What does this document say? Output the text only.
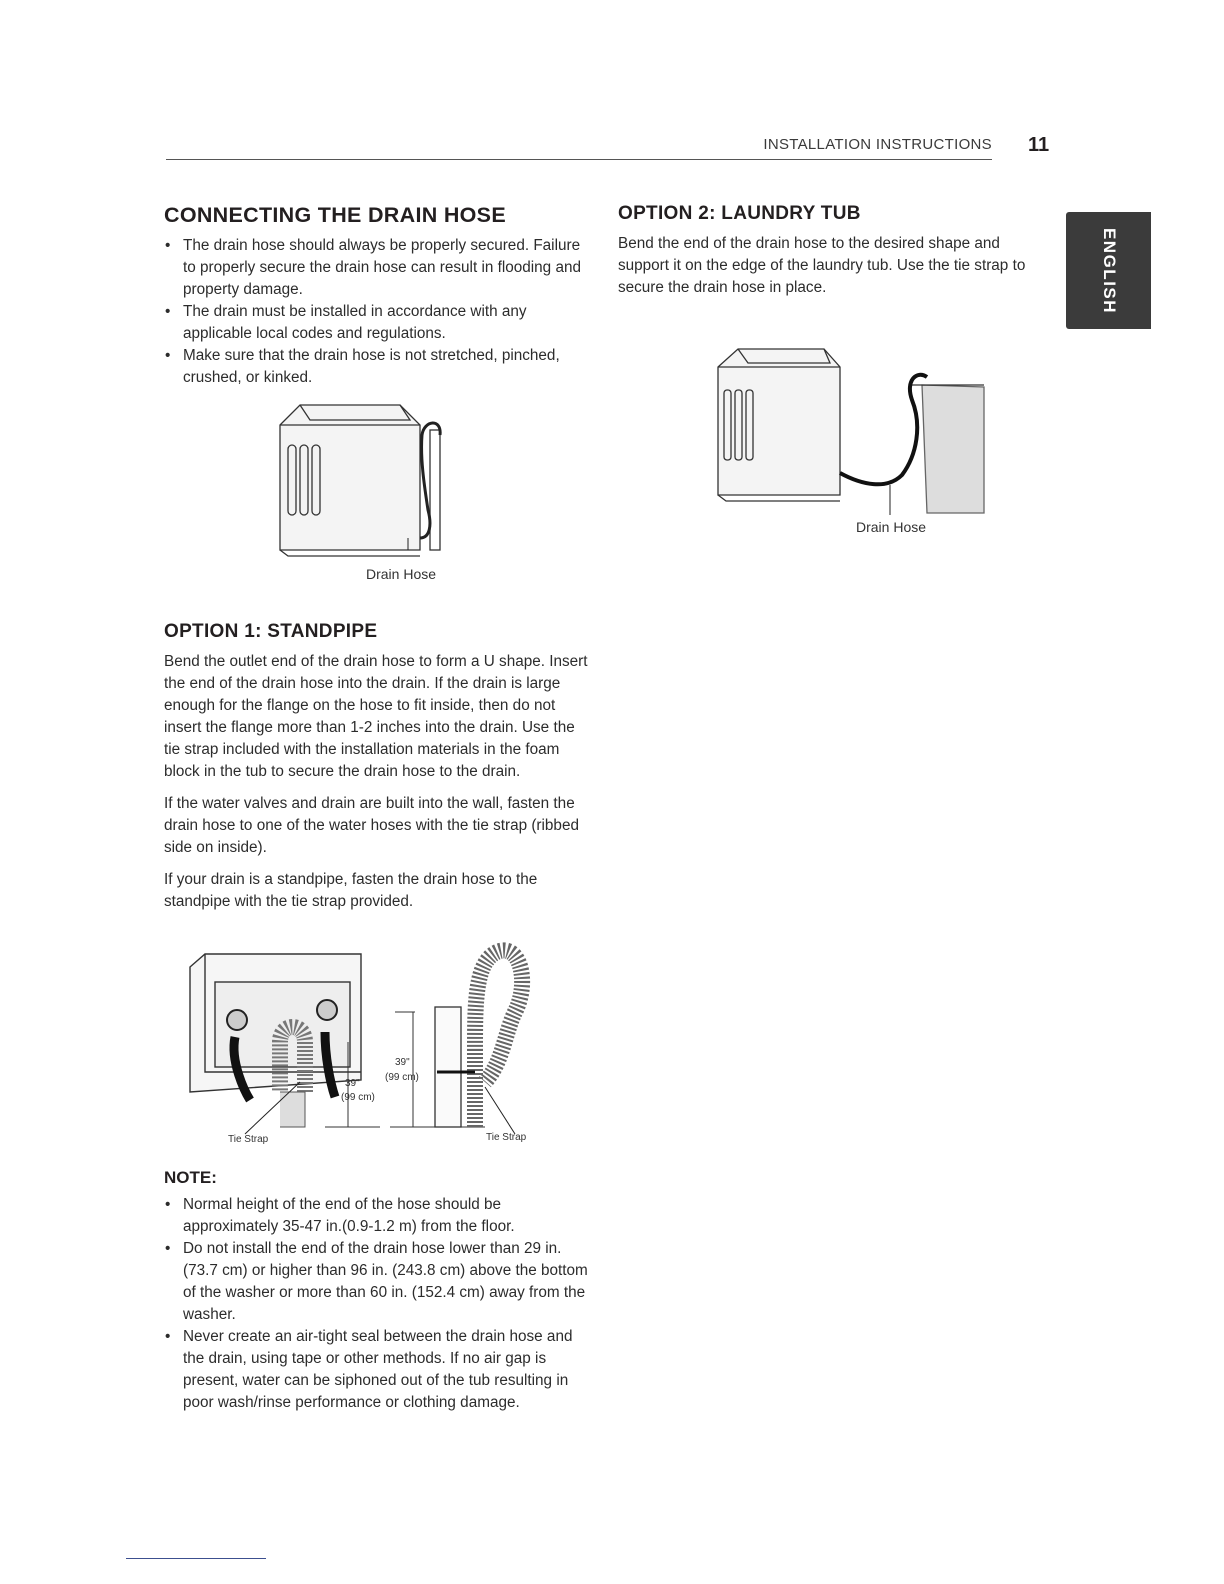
INSTALLATION INSTRUCTIONS 11
ENGLISH
CONNECTING THE DRAIN HOSE
• The drain hose should always be properly secured. Failure to properly secure the drain hose can result in flooding and property damage.
• The drain must be installed in accordance with any applicable local codes and regulations.
• Make sure that the drain hose is not stretched, pinched, crushed, or kinked.
Drain Hose
OPTION 1: STANDPIPE

Bend the outlet end of the drain hose to form a U shape. Insert the end of the drain hose into the drain. If the drain is large enough for the flange on the hose to fit inside, then do not insert the flange more than 1-2 inches into the drain. Use the tie strap included with the installation materials in the foam block in the tub to secure the drain hose to the drain.

If the water valves and drain are built into the wall, fasten the drain hose to one of the water hoses with the tie strap (ribbed side on inside).

If your drain is a standpipe, fasten the drain hose to the standpipe with the tie strap provided.

39"
(99 cm)
39"
(99 cm)
Tie Strap	Tie Strap
NOTE:
• Normal height of the end of the hose should be approximately 35-47 in.(0.9-1.2 m) from the floor.
• Do not install the end of the drain hose lower than 29 in. (73.7 cm) or higher than 96 in. (243.8 cm) above the bottom of the washer or more than 60 in. (152.4 cm) away from the washer.
• Never create an air-tight seal between the drain hose and the drain, using tape or other methods. If no air gap is present, water can be siphoned out of the tub resulting in poor wash/rinse performance or clothing damage.
OPTION 2: LAUNDRY TUB

Bend the end of the drain hose to the desired shape and support it on the edge of the laundry tub. Use the tie strap to secure the drain hose in place.

Drain Hose
